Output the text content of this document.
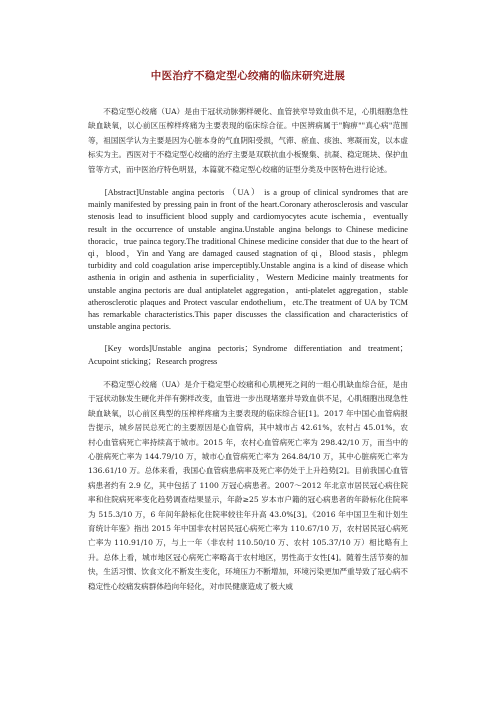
中医治疗不稳定型心绞痛的临床研究进展

不稳定型心绞痛（UA）是由于冠状动脉粥样硬化、血管狭窄导致血供不足，心肌细胞急性缺血缺氧，以心前区压榨样疼痛为主要表现的临床综合征。中医辨病属于"胸痹""真心病"范围等，祖国医学认为主要是因为心脏本身的气血阴阳受损，气滞、瘀血、痰浊、寒凝而发，以本虚标实为主。西医对于不稳定型心绞痛的治疗主要是双联抗血小板聚集、抗凝、稳定斑块、保护血管等方式，而中医治疗特色明显，本篇就不稳定型心绞痛的证型分类及中医特色进行论述。

[Abstract]Unstable angina pectoris （UA） is a group of clinical syndromes that are mainly manifested by pressing pain in front of the heart.Coronary atherosclerosis and vascular stenosis lead to insufficient blood supply and cardiomyocytes acute ischemia，eventually result in the occurrence of unstable angina.Unstable angina belongs to Chinese medicine thoracic，true painca tegory.The traditional Chinese medicine consider that due to the heart of qi，blood，Yin and Yang are damaged caused stagnation of qi，Blood stasis，phlegm turbidity and cold coagulation arise imperceptibly.Unstable angina is a kind of disease which asthenia in origin and asthenia in superficiality，Western Medicine mainly treatments for unstable angina pectoris are dual antiplatelet aggregation，anti-platelet aggregation，stable atherosclerotic plaques and Protect vascular endothelium，etc.The treatment of UA by TCM has remarkable characteristics.This paper discusses the classification and characteristics of unstable angina pectoris.

[Key words]Unstable angina pectoris；Syndrome differentiation and treatment；Acupoint sticking；Research progress

不稳定型心绞痛（UA）是介于稳定型心绞痛和心肌梗死之间的一组心肌缺血综合征，是由于冠状动脉发生硬化并伴有粥样改变，血管进一步出现堵塞并导致血供不足，心肌细胞出现急性缺血缺氧，以心前区典型的压榨样疼痛为主要表现的临床综合征[1]。2017 年中国心血管病报告提示，城乡居民总死亡的主要原因是心血管病，其中城市占 42.61%，农村占 45.01%，农村心血管病死亡率持续高于城市。2015 年，农村心血管病死亡率为 298.42/10 万，而当中的心脏病死亡率为 144.79/10 万，城市心血管病死亡率为 264.84/10 万，其中心脏病死亡率为 136.61/10 万。总体来看，我国心血管病患病率及死亡率仍处于上升趋势[2]。目前我国心血管病患者约有 2.9 亿，其中包括了 1100 万冠心病患者。2007～2012 年北京市居民冠心病住院率和住院病死率变化趋势调查结果显示，年龄≥25 岁本市户籍的冠心病患者的年龄标化住院率为 515.3/10 万，6 年间年龄标化住院率较往年升高 43.0%[3]。《2016 年中国卫生和计划生育统计年鉴》指出 2015 年中国非农村居民冠心病死亡率为 110.67/10 万，农村居民冠心病死亡率为 110.91/10 万，与上一年（非农村 110.50/10 万、农村 105.37/10 万）相比略有上升。总体上看，城市地区冠心病死亡率略高于农村地区，男性高于女性[4]。随着生活节奏的加快，生活习惯、饮食文化不断发生变化，环境压力不断增加，环境污染更加严重导致了冠心病不稳定性心绞痛发病群体趋向年轻化，对市民健康造成了极大威
